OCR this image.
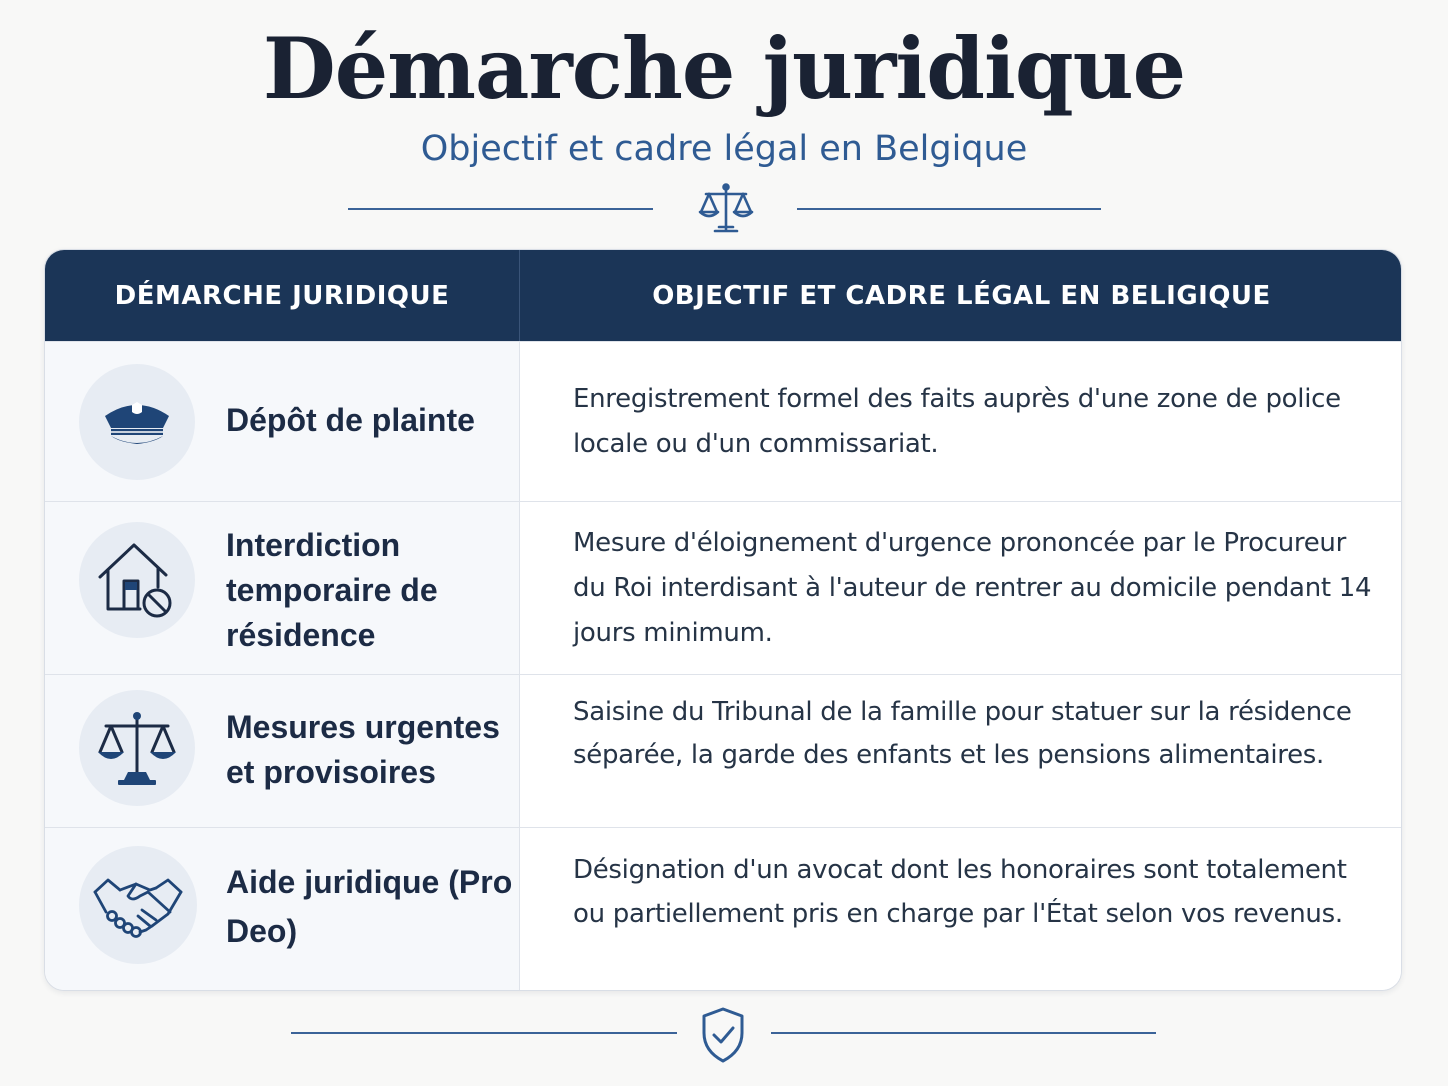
Démarche juridique
Objectif et cadre légal en Belgique
DÉMARCHE JURIDIQUE	OBJECTIF ET CADRE LÉGAL EN BELIGIQUE
Dépôt de plainte
Enregistrement formel des faits auprès d'une zone de police locale ou d'un commissariat.
Interdiction temporaire de résidence
Mesure d'éloignement d'urgence prononcée par le Procureur du Roi interdisant à l'auteur de rentrer au domicile pendant 14 jours minimum.
Mesures urgentes et provisoires
Saisine du Tribunal de la famille pour statuer sur la résidence séparée, la garde des enfants et les pensions alimentaires.
Aide juridique (Pro Deo)
Désignation d'un avocat dont les honoraires sont totalement ou partiellement pris en charge par l'État selon vos revenus.
